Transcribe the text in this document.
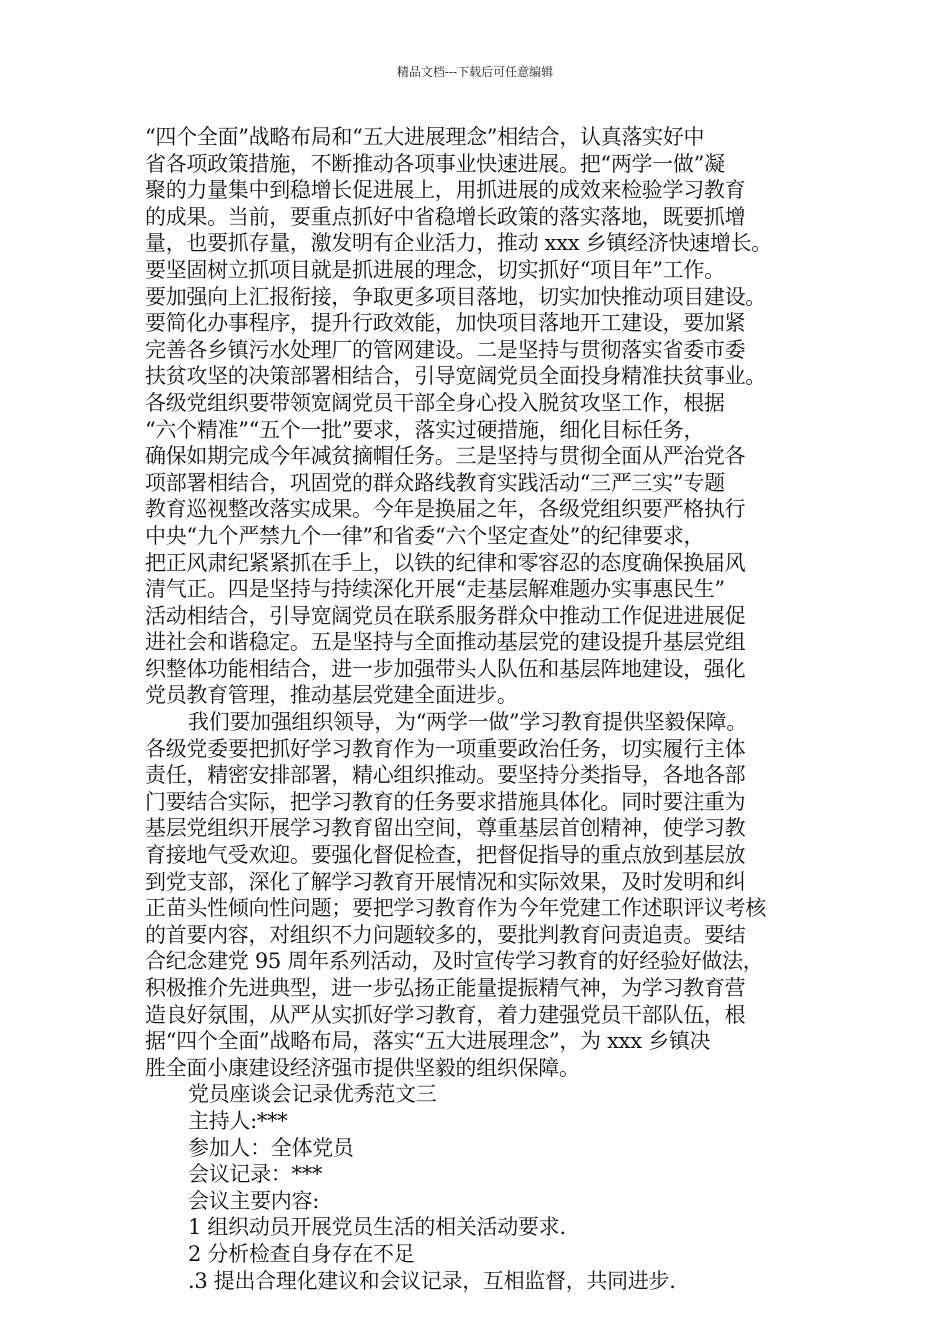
精品文档---下载后可任意编辑
“四个全面”战略布局和“五大进展理念”相结合，认真落实好中
省各项政策措施，不断推动各项事业快速进展。把“两学一做”凝
聚的力量集中到稳增长促进展上，用抓进展的成效来检验学习教育
的成果。当前，要重点抓好中省稳增长政策的落实落地，既要抓增
量，也要抓存量，激发明有企业活力，推动 xxx 乡镇经济快速增长。
要坚固树立抓项目就是抓进展的理念，切实抓好“项目年”工作。
要加强向上汇报衔接，争取更多项目落地，切实加快推动项目建设。
要简化办事程序，提升行政效能，加快项目落地开工建设，要加紧
完善各乡镇污水处理厂的管网建设。二是坚持与贯彻落实省委市委
扶贫攻坚的决策部署相结合，引导宽阔党员全面投身精准扶贫事业。
各级党组织要带领宽阔党员干部全身心投入脱贫攻坚工作，根据
“六个精准”“五个一批”要求，落实过硬措施，细化目标任务，
确保如期完成今年减贫摘帽任务。三是坚持与贯彻全面从严治党各
项部署相结合，巩固党的群众路线教育实践活动“三严三实”专题
教育巡视整改落实成果。今年是换届之年，各级党组织要严格执行
中央“九个严禁九个一律”和省委“六个坚定查处”的纪律要求，
把正风肃纪紧紧抓在手上，以铁的纪律和零容忍的态度确保换届风
清气正。四是坚持与持续深化开展“走基层解难题办实事惠民生”
活动相结合，引导宽阔党员在联系服务群众中推动工作促进进展促
进社会和谐稳定。五是坚持与全面推动基层党的建设提升基层党组
织整体功能相结合，进一步加强带头人队伍和基层阵地建设，强化
党员教育管理，推动基层党建全面进步。
我们要加强组织领导，为“两学一做”学习教育提供坚毅保障。
各级党委要把抓好学习教育作为一项重要政治任务，切实履行主体
责任，精密安排部署，精心组织推动。要坚持分类指导，各地各部
门要结合实际，把学习教育的任务要求措施具体化。同时要注重为
基层党组织开展学习教育留出空间，尊重基层首创精神，使学习教
育接地气受欢迎。要强化督促检查，把督促指导的重点放到基层放
到党支部，深化了解学习教育开展情况和实际效果，及时发明和纠
正苗头性倾向性问题；要把学习教育作为今年党建工作述职评议考核
的首要内容，对组织不力问题较多的，要批判教育问责追责。要结
合纪念建党 95 周年系列活动，及时宣传学习教育的好经验好做法，
积极推介先进典型，进一步弘扬正能量提振精气神，为学习教育营
造良好氛围，从严从实抓好学习教育，着力建强党员干部队伍，根
据“四个全面”战略布局，落实“五大进展理念”，为 xxx 乡镇决
胜全面小康建设经济强市提供坚毅的组织保障。
党员座谈会记录优秀范文三
主持人:***
参加人：全体党员
会议记录：***
会议主要内容:
1 组织动员开展党员生活的相关活动要求.
2 分析检查自身存在不足
.3 提出合理化建议和会议记录，互相监督，共同进步.
